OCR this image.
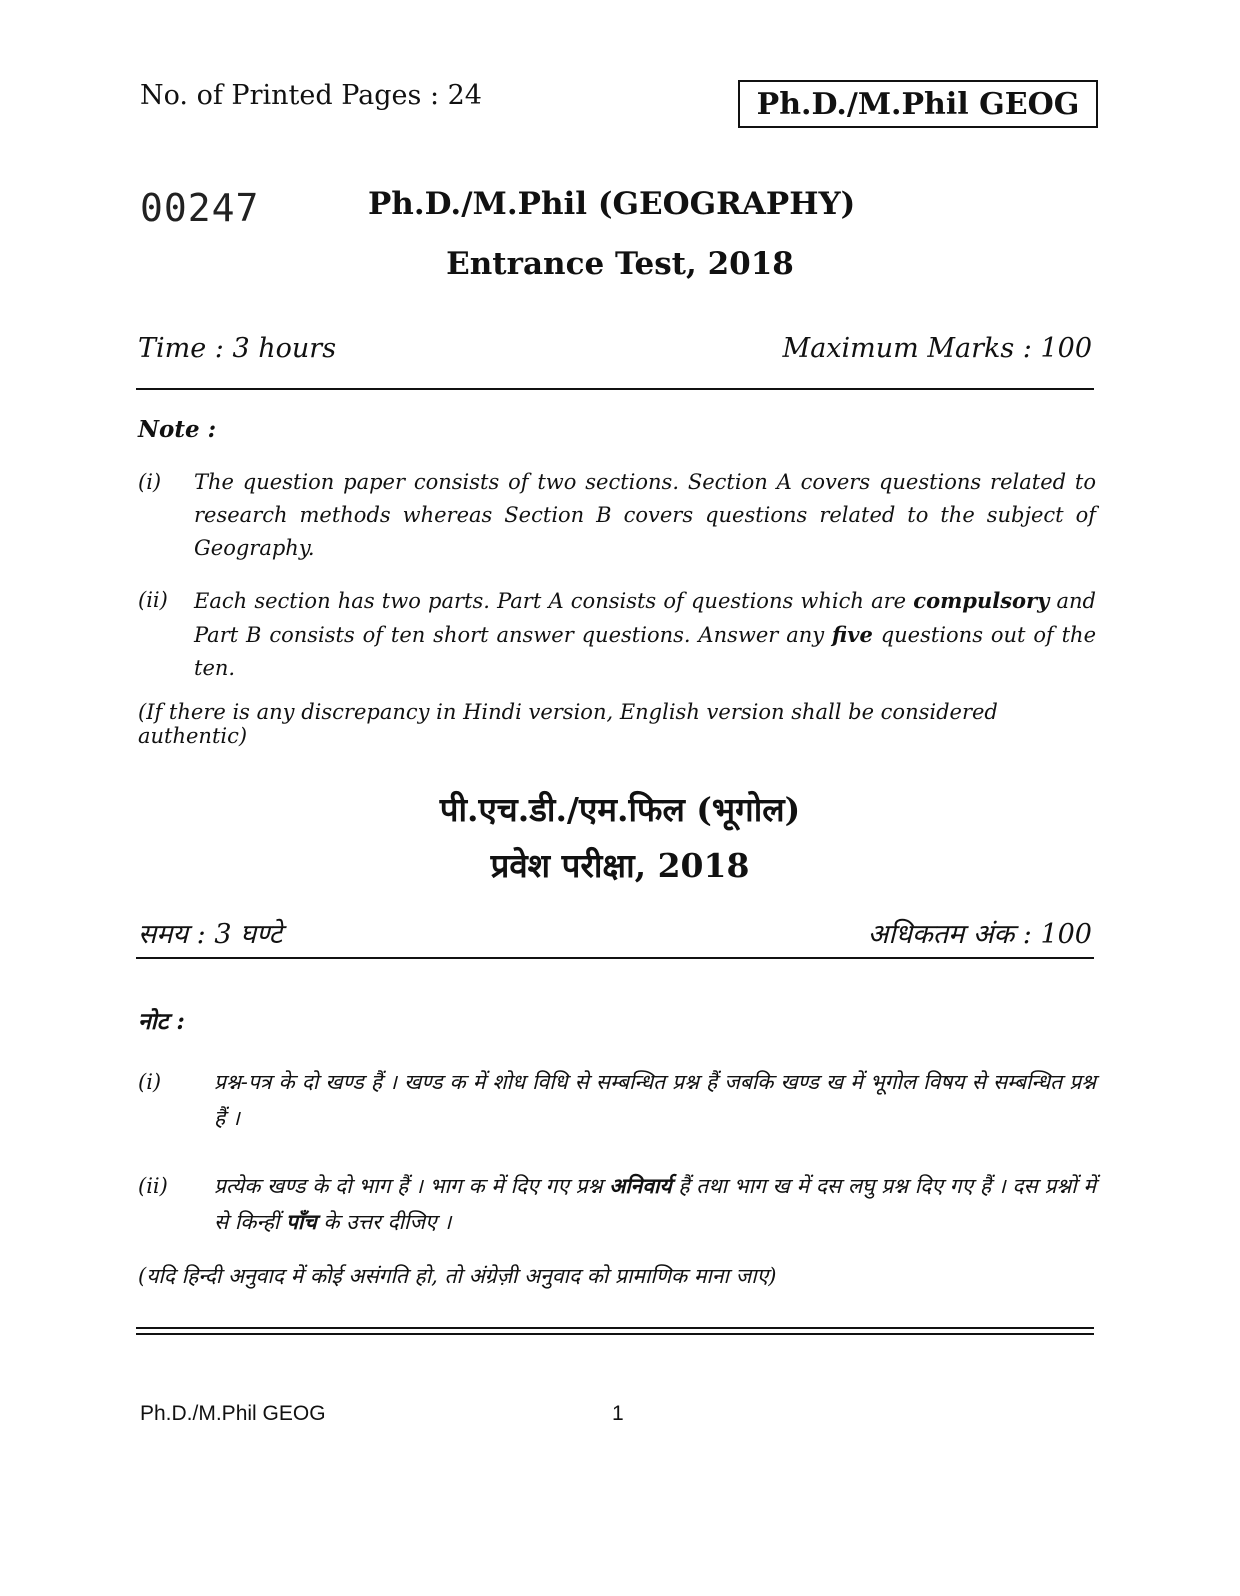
No. of Printed Pages : 24	Ph.D./M.Phil GEOG
00247	Ph.D./M.Phil (GEOGRAPHY)
Entrance Test, 2018
Time : 3 hours	Maximum Marks : 100
Note :
(i) The question paper consists of two sections. Section A covers questions related to research methods whereas Section B covers questions related to the subject of Geography.
(ii) Each section has two parts. Part A consists of questions which are compulsory and Part B consists of ten short answer questions. Answer any five questions out of the ten.
(If there is any discrepancy in Hindi version, English version shall be considered authentic)
पी.एच.डी./एम.फिल (भूगोल)
प्रवेश परीक्षा, 2018
समय : 3 घण्टे	अधिकतम अंक : 100
नोट :
(i)	प्रश्न-पत्र के दो खण्ड हैं । खण्ड क में शोध विधि से सम्बन्धित प्रश्न हैं जबकि खण्ड ख में भूगोल विषय से सम्बन्धित प्रश्न हैं ।
(ii) प्रत्येक खण्ड के दो भाग हैं । भाग क में दिए गए प्रश्न अनिवार्य हैं तथा भाग ख में दस लघु प्रश्न दिए गए हैं । दस प्रश्नों में से किन्हीं पाँच के उत्तर दीजिए ।
(यदि हिन्दी अनुवाद में कोई असंगति हो, तो अंग्रेज़ी अनुवाद को प्रामाणिक माना जाए)
Ph.D./M.Phil GEOG	1
